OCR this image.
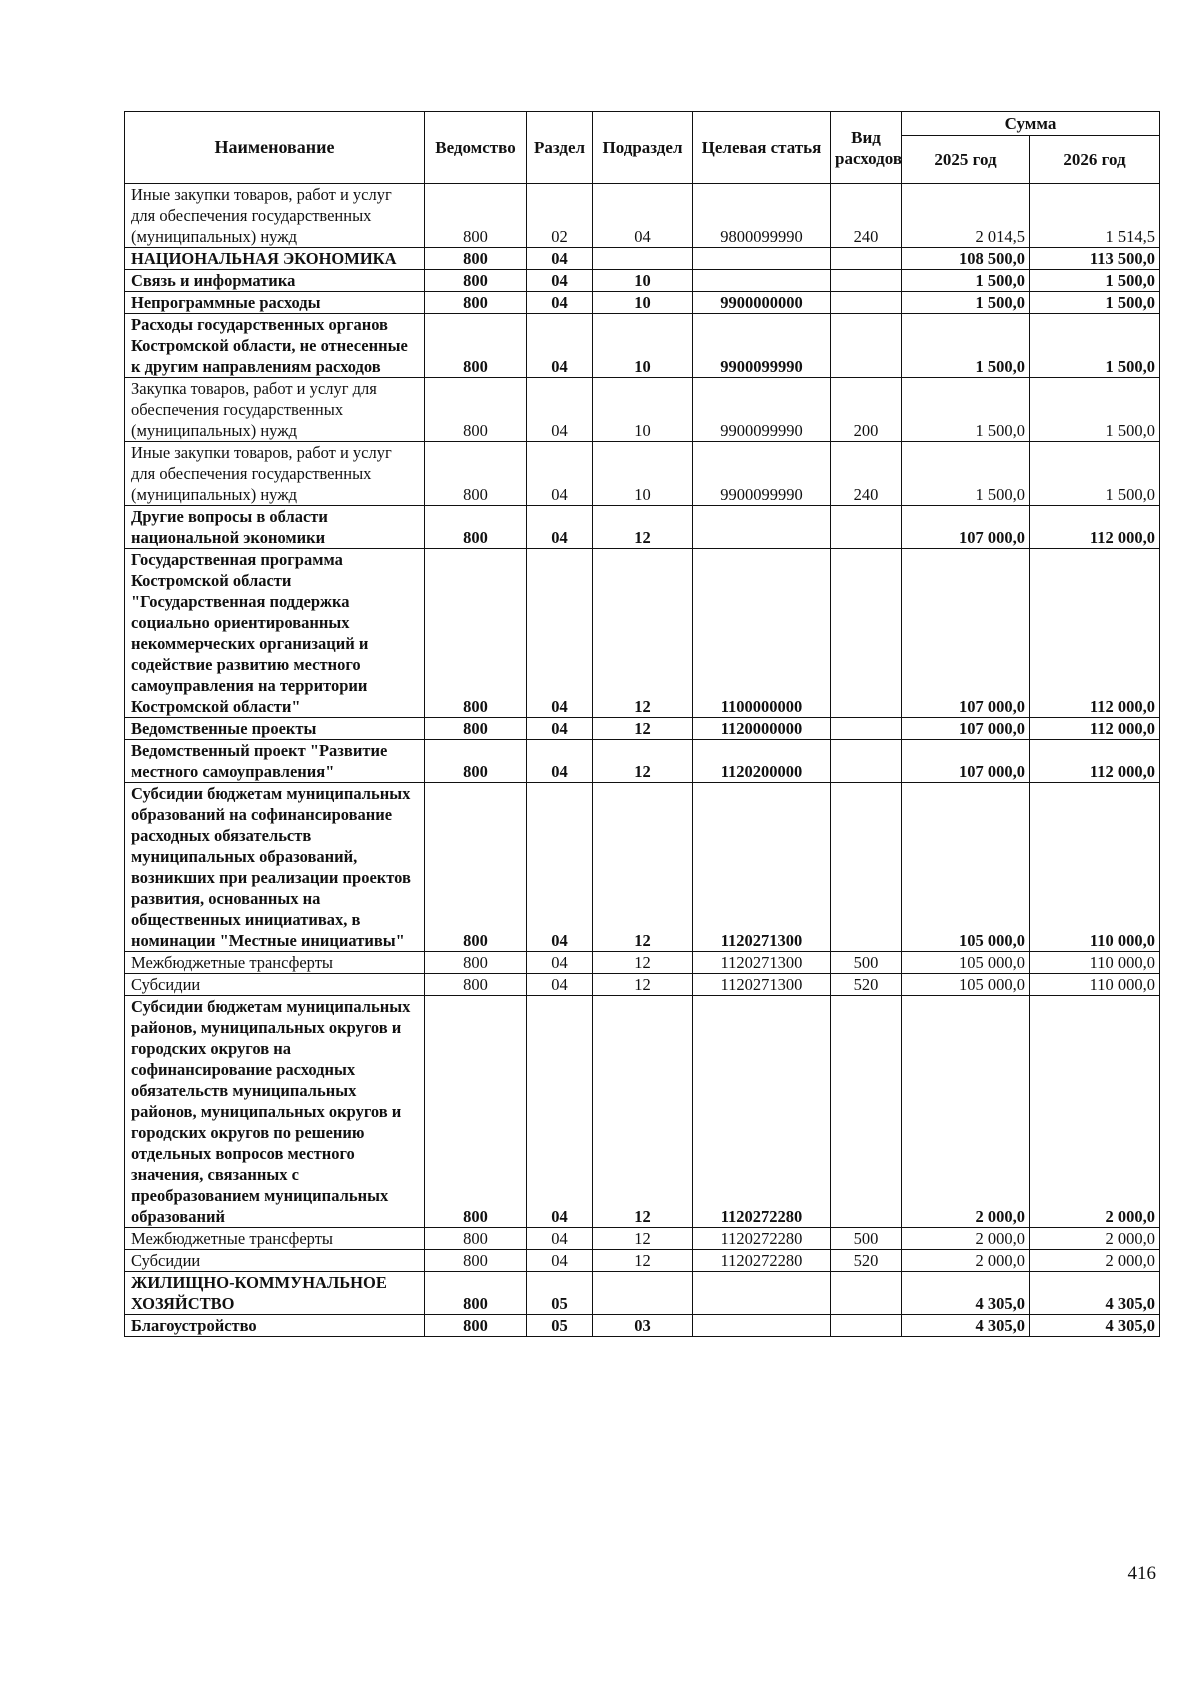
Наименование	Ведомство	Раздел	Подраздел	Целевая статья	Вид расходов	Сумма	
						2025 год	2026 год
Иные закупки товаров, работ и услуг для обеспечения государственных (муниципальных) нужд	800	02	04	9800099990	240	2 014,5	1 514,5
НАЦИОНАЛЬНАЯ ЭКОНОМИКА	800	04				108 500,0	113 500,0
Связь и информатика	800	04	10			1 500,0	1 500,0
Непрограммные расходы	800	04	10	9900000000		1 500,0	1 500,0
Расходы государственных органов Костромской области, не отнесенные к другим направлениям расходов	800	04	10	9900099990		1 500,0	1 500,0
Закупка товаров, работ и услуг для обеспечения государственных (муниципальных) нужд	800	04	10	9900099990	200	1 500,0	1 500,0
Иные закупки товаров, работ и услуг для обеспечения государственных (муниципальных) нужд	800	04	10	9900099990	240	1 500,0	1 500,0
Другие вопросы в области национальной экономики	800	04	12			107 000,0	112 000,0
Государственная программа Костромской области "Государственная поддержка социально ориентированных некоммерческих организаций и содействие развитию местного самоуправления на территории Костромской области"	800	04	12	1100000000		107 000,0	112 000,0
Ведомственные проекты	800	04	12	1120000000		107 000,0	112 000,0
Ведомственный проект "Развитие местного самоуправления"	800	04	12	1120200000		107 000,0	112 000,0
Субсидии бюджетам муниципальных образований на софинансирование расходных обязательств муниципальных образований, возникших при реализации проектов развития, основанных на общественных инициативах, в номинации "Местные инициативы"	800	04	12	1120271300		105 000,0	110 000,0
Межбюджетные трансферты	800	04	12	1120271300	500	105 000,0	110 000,0
Субсидии	800	04	12	1120271300	520	105 000,0	110 000,0
Субсидии бюджетам муниципальных районов, муниципальных округов и городских округов на софинансирование расходных обязательств муниципальных районов, муниципальных округов и городских округов по решению отдельных вопросов местного значения, связанных с преобразованием муниципальных образований	800	04	12	1120272280		2 000,0	2 000,0
Межбюджетные трансферты	800	04	12	1120272280	500	2 000,0	2 000,0
Субсидии	800	04	12	1120272280	520	2 000,0	2 000,0
ЖИЛИЩНО-КОММУНАЛЬНОЕ ХОЗЯЙСТВО	800	05				4 305,0	4 305,0
Благоустройство	800	05	03			4 305,0	4 305,0
416
